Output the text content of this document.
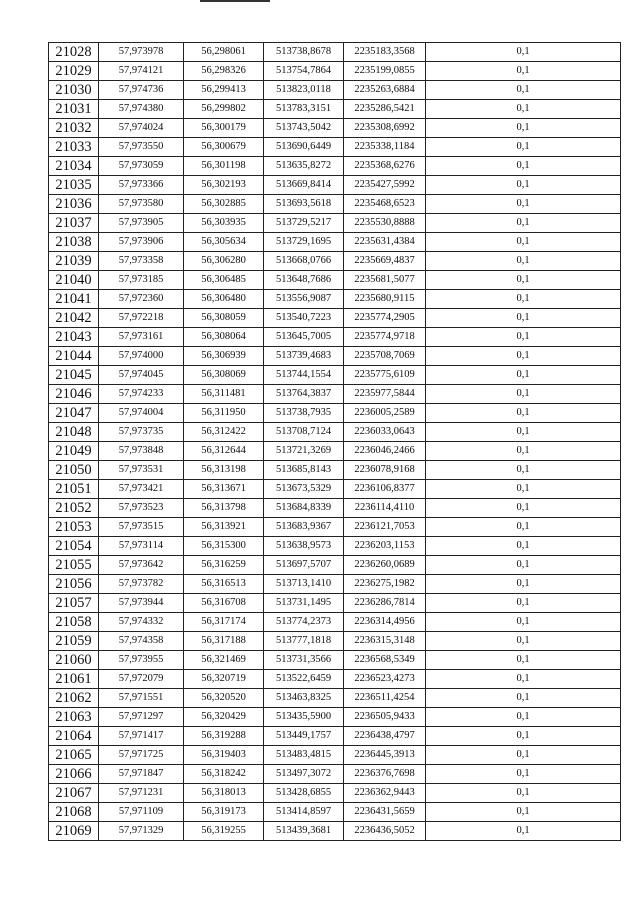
21028	57,973978	56,298061	513738,8678	2235183,3568	0,1
21029	57,974121	56,298326	513754,7864	2235199,0855	0,1
21030	57,974736	56,299413	513823,0118	2235263,6884	0,1
21031	57,974380	56,299802	513783,3151	2235286,5421	0,1
21032	57,974024	56,300179	513743,5042	2235308,6992	0,1
21033	57,973550	56,300679	513690,6449	2235338,1184	0,1
21034	57,973059	56,301198	513635,8272	2235368,6276	0,1
21035	57,973366	56,302193	513669,8414	2235427,5992	0,1
21036	57,973580	56,302885	513693,5618	2235468,6523	0,1
21037	57,973905	56,303935	513729,5217	2235530,8888	0,1
21038	57,973906	56,305634	513729,1695	2235631,4384	0,1
21039	57,973358	56,306280	513668,0766	2235669,4837	0,1
21040	57,973185	56,306485	513648,7686	2235681,5077	0,1
21041	57,972360	56,306480	513556,9087	2235680,9115	0,1
21042	57,972218	56,308059	513540,7223	2235774,2905	0,1
21043	57,973161	56,308064	513645,7005	2235774,9718	0,1
21044	57,974000	56,306939	513739,4683	2235708,7069	0,1
21045	57,974045	56,308069	513744,1554	2235775,6109	0,1
21046	57,974233	56,311481	513764,3837	2235977,5844	0,1
21047	57,974004	56,311950	513738,7935	2236005,2589	0,1
21048	57,973735	56,312422	513708,7124	2236033,0643	0,1
21049	57,973848	56,312644	513721,3269	2236046,2466	0,1
21050	57,973531	56,313198	513685,8143	2236078,9168	0,1
21051	57,973421	56,313671	513673,5329	2236106,8377	0,1
21052	57,973523	56,313798	513684,8339	2236114,4110	0,1
21053	57,973515	56,313921	513683,9367	2236121,7053	0,1
21054	57,973114	56,315300	513638,9573	2236203,1153	0,1
21055	57,973642	56,316259	513697,5707	2236260,0689	0,1
21056	57,973782	56,316513	513713,1410	2236275,1982	0,1
21057	57,973944	56,316708	513731,1495	2236286,7814	0,1
21058	57,974332	56,317174	513774,2373	2236314,4956	0,1
21059	57,974358	56,317188	513777,1818	2236315,3148	0,1
21060	57,973955	56,321469	513731,3566	2236568,5349	0,1
21061	57,972079	56,320719	513522,6459	2236523,4273	0,1
21062	57,971551	56,320520	513463,8325	2236511,4254	0,1
21063	57,971297	56,320429	513435,5900	2236505,9433	0,1
21064	57,971417	56,319288	513449,1757	2236438,4797	0,1
21065	57,971725	56,319403	513483,4815	2236445,3913	0,1
21066	57,971847	56,318242	513497,3072	2236376,7698	0,1
21067	57,971231	56,318013	513428,6855	2236362,9443	0,1
21068	57,971109	56,319173	513414,8597	2236431,5659	0,1
21069	57,971329	56,319255	513439,3681	2236436,5052	0,1
